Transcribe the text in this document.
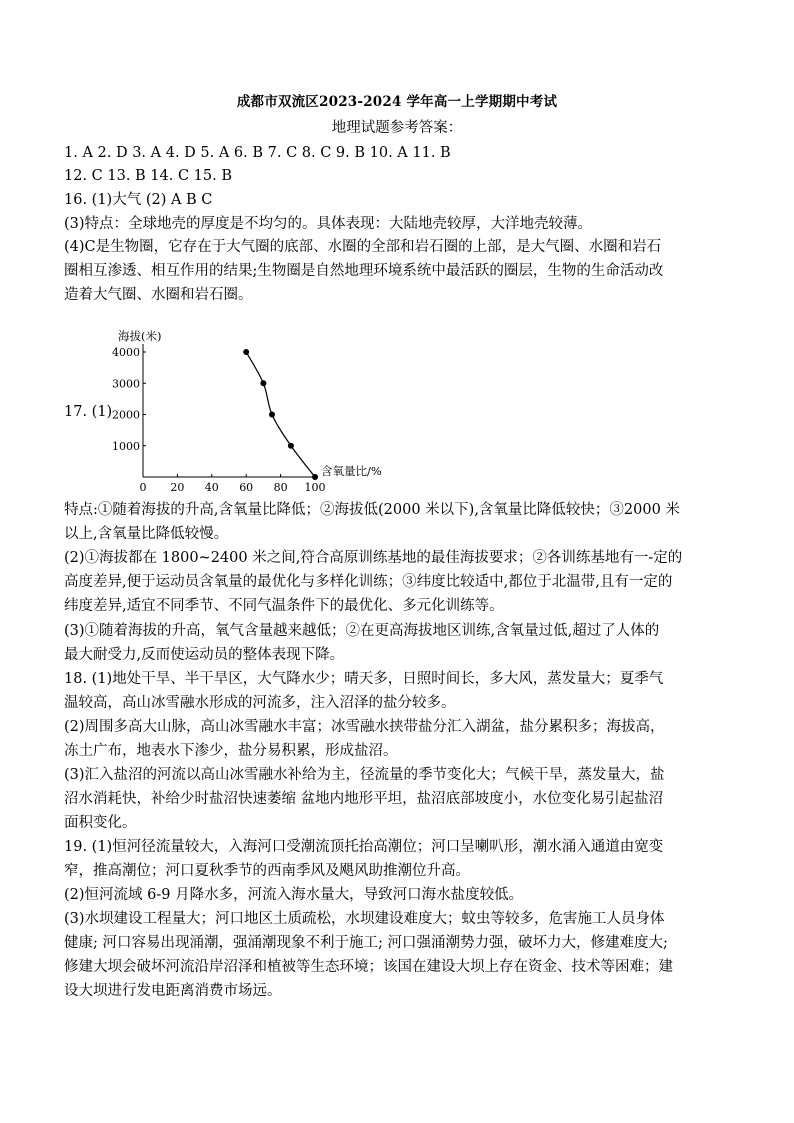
成都市双流区2023-2024 学年高一上学期期中考试
地理试题参考答案：
1. A 2. D 3. A 4. D 5. A 6. B 7. C 8. C 9. B 10. A 11. B
12. C 13. B 14. C 15. B
16. (1)大气 (2) A B C
(3)特点：全球地壳的厚度是不均匀的。具体表现：大陆地壳较厚，大洋地壳较薄。
(4)C是生物圈，它存在于大气圈的底部、水圈的全部和岩石圈的上部，是大气圈、水圈和岩石
圈相互渗透、相互作用的结果;生物圈是自然地理环境系统中最活跃的圈层，生物的生命活动改
造着大气圈、水圈和岩石圈。
17. (1)
0 20 40 60 80 100
1000
2000
3000
4000
海拔(米)
含氧量比/%
特点:①随着海拔的升高,含氧量比降低；②海拔低(2000 米以下),含氧量比降低较快；③2000 米
以上,含氧量比降低较慢。
(2)①海拔都在 1800~2400 米之间,符合高原训练基地的最佳海拔要求；②各训练基地有一-定的
高度差异,便于运动员含氧量的最优化与多样化训练；③纬度比较适中,都位于北温带,且有一定的
纬度差异,适宜不同季节、不同气温条件下的最优化、多元化训练等。
(3)①随着海拔的升高，氧气含量越来越低；②在更高海拔地区训练,含氧量过低,超过了人体的
最大耐受力,反而使运动员的整体表现下降。
18. (1)地处干旱、半干旱区，大气降水少；晴天多，日照时间长，多大风，蒸发量大；夏季气
温较高，高山冰雪融水形成的河流多，注入沼泽的盐分较多。
(2)周围多高大山脉，高山冰雪融水丰富；冰雪融水挟带盐分汇入湖盆，盐分累积多；海拔高，
冻土广布，地表水下渗少，盐分易积累，形成盐沼。
(3)汇入盐沼的河流以高山冰雪融水补给为主，径流量的季节变化大；气候干旱，蒸发量大，盐
沼水消耗快，补给少时盐沼快速萎缩 盆地内地形平坦，盐沼底部坡度小，水位变化易引起盐沼
面积变化。
19. (1)恒河径流量较大，入海河口受潮流顶托抬高潮位；河口呈喇叭形，潮水涌入通道由宽变
窄，推高潮位；河口夏秋季节的西南季风及飓风助推潮位升高。
(2)恒河流域 6-9 月降水多，河流入海水量大，导致河口海水盐度较低。
(3)水坝建设工程量大；河口地区土质疏松，水坝建设难度大；蚊虫等较多，危害施工人员身体
健康; 河口容易出现涌潮，强涌潮现象不利于施工; 河口强涌潮势力强，破坏力大，修建难度大;
修建大坝会破坏河流沿岸沼泽和植被等生态环境；该国在建设大坝上存在资金、技术等困难；建
设大坝进行发电距离消费市场远。
